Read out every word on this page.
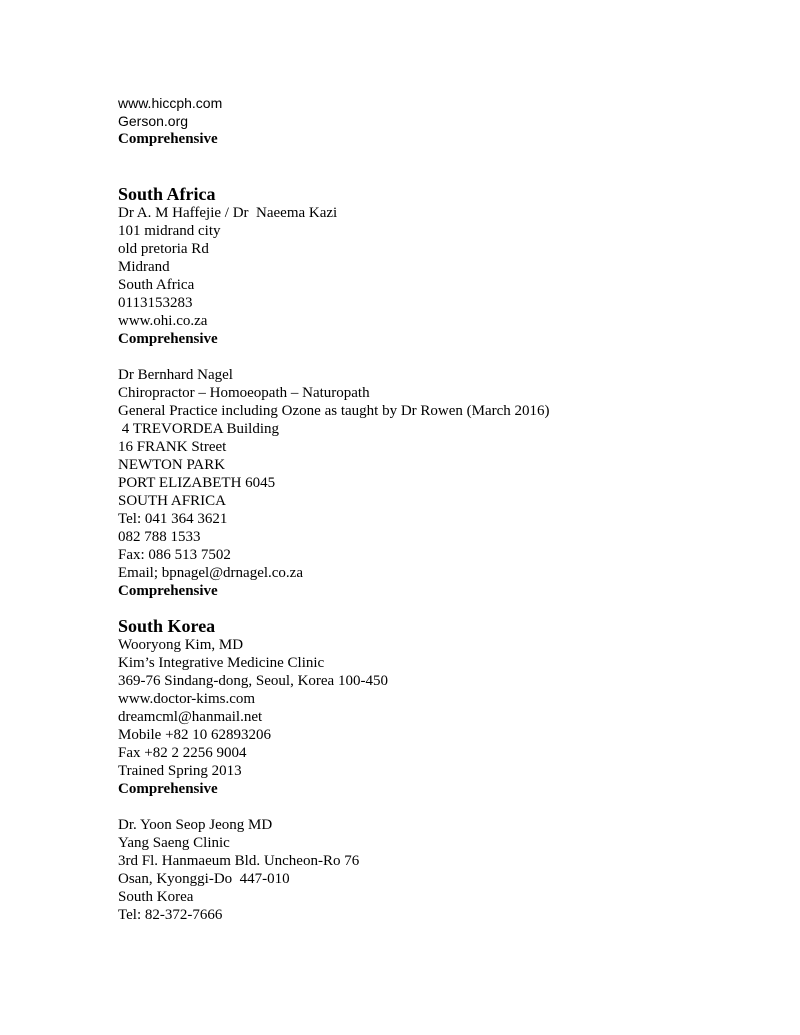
www.hiccph.com
Gerson.org
Comprehensive
South Africa
Dr A. M Haffejie / Dr  Naeema Kazi
101 midrand city
old pretoria Rd
Midrand
South Africa
0113153283
www.ohi.co.za
Comprehensive
Dr Bernhard Nagel
Chiropractor – Homoeopath – Naturopath
General Practice including Ozone as taught by Dr Rowen (March 2016)
4 TREVORDEA Building
16 FRANK Street
NEWTON PARK
PORT ELIZABETH 6045
SOUTH AFRICA
Tel: 041 364 3621
082 788 1533
Fax: 086 513 7502
Email; bpnagel@drnagel.co.za
Comprehensive
South Korea
Wooryong Kim, MD
Kim’s Integrative Medicine Clinic
369-76 Sindang-dong, Seoul, Korea 100-450
www.doctor-kims.com
dreamcml@hanmail.net
Mobile +82 10 62893206
Fax +82 2 2256 9004
Trained Spring 2013
Comprehensive
Dr. Yoon Seop Jeong MD
Yang Saeng Clinic
3rd Fl. Hanmaeum Bld. Uncheon-Ro 76
Osan, Kyonggi-Do  447-010
South Korea
Tel: 82-372-7666
